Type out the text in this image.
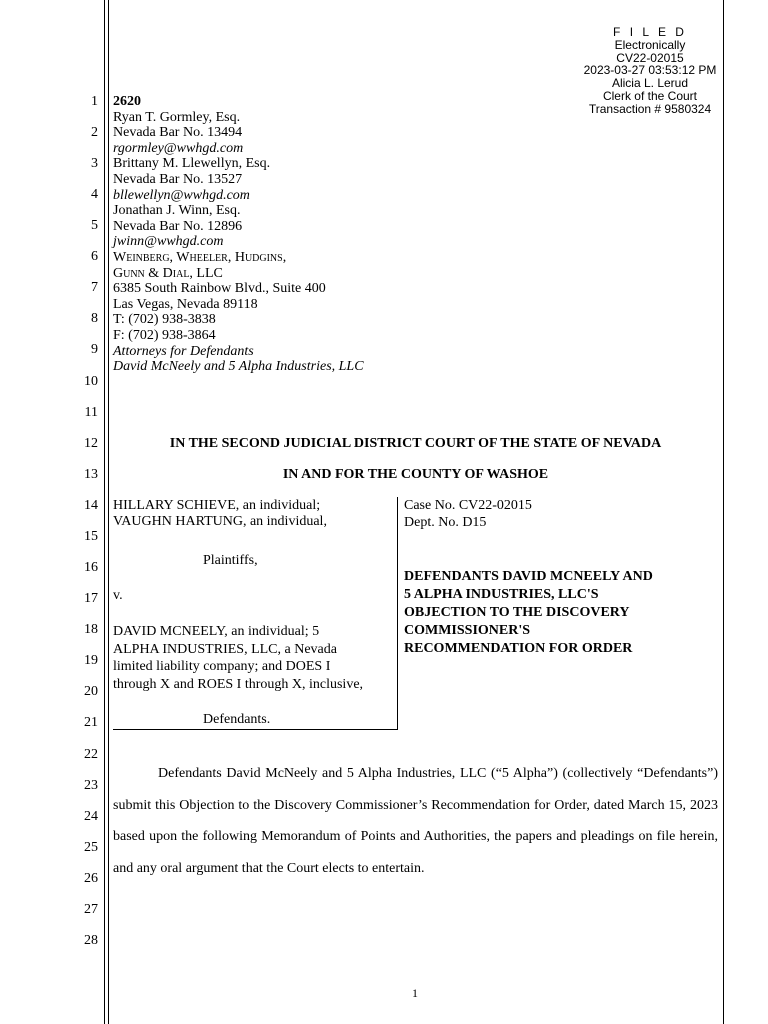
F I L E D
Electronically
CV22-02015
2023-03-27 03:53:12 PM
Alicia L. Lerud
Clerk of the Court
Transaction # 9580324
1
2
3
4
5
6
7
8
9
10
11
12
13
14
15
16
17
18
19
20
21
22
23
24
25
26
27
28
2620
Ryan T. Gormley, Esq.
Nevada Bar No. 13494
rgormley@wwhgd.com
Brittany M. Llewellyn, Esq.
Nevada Bar No. 13527
bllewellyn@wwhgd.com
Jonathan J. Winn, Esq.
Nevada Bar No. 12896
jwinn@wwhgd.com
Weinberg, Wheeler, Hudgins,
Gunn & Dial, LLC
6385 South Rainbow Blvd., Suite 400
Las Vegas, Nevada 89118
T: (702) 938-3838
F: (702) 938-3864
Attorneys for Defendants
David McNeely and 5 Alpha Industries, LLC
IN THE SECOND JUDICIAL DISTRICT COURT OF THE STATE OF NEVADA
IN AND FOR THE COUNTY OF WASHOE
HILLARY SCHIEVE, an individual;
VAUGHN HARTUNG, an individual,
Plaintiffs,
v.
DAVID MCNEELY, an individual; 5
ALPHA INDUSTRIES, LLC, a Nevada
limited liability company; and DOES I
through X and ROES I through X, inclusive,
Defendants.
Case No. CV22-02015
Dept. No. D15
DEFENDANTS DAVID MCNEELY AND
5 ALPHA INDUSTRIES, LLC'S
OBJECTION TO THE DISCOVERY
COMMISSIONER'S
RECOMMENDATION FOR ORDER
Defendants David McNeely and 5 Alpha Industries, LLC (“5 Alpha”) (collectively “Defendants”) submit this Objection to the Discovery Commissioner’s Recommendation for Order, dated March 15, 2023 based upon the following Memorandum of Points and Authorities, the papers and pleadings on file herein, and any oral argument that the Court elects to entertain.
1
